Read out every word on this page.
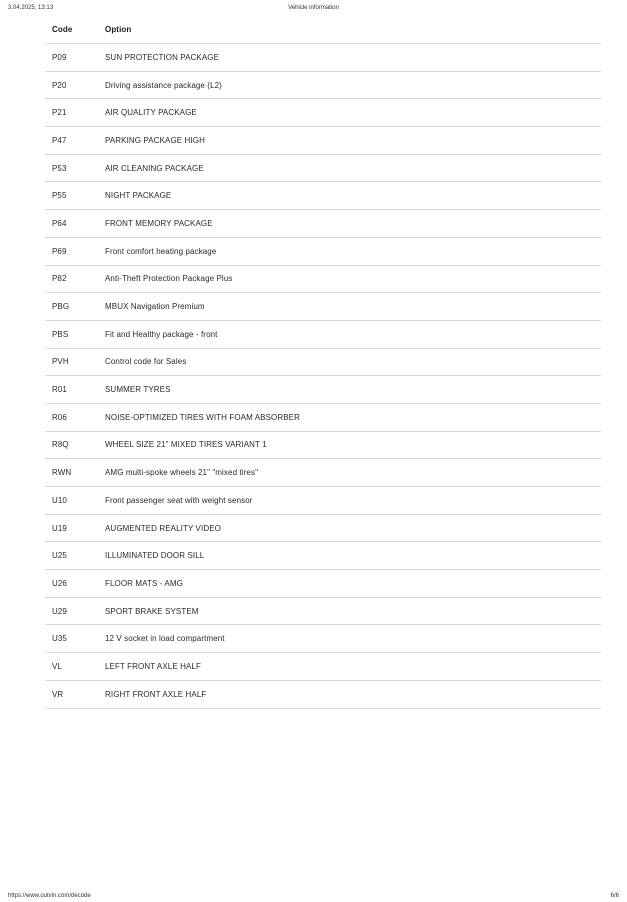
3.04.2025, 13:13	Vehicle information
Code	Option
P09	SUN PROTECTION PACKAGE
P20	Driving assistance package (L2)
P21	AIR QUALITY PACKAGE
P47	PARKING PACKAGE HIGH
P53	AIR CLEANING PACKAGE
P55	NIGHT PACKAGE
P64	FRONT MEMORY PACKAGE
P69	Front comfort heating package
P82	Anti-Theft Protection Package Plus
PBG	MBUX Navigation Premium
PBS	Fit and Healthy package - front
PVH	Control code for Sales
R01	SUMMER TYRES
R06	NOISE-OPTIMIZED TIRES WITH FOAM ABSORBER
R8Q	WHEEL SIZE 21" MIXED TIRES VARIANT 1
RWN	AMG multi-spoke wheels 21" "mixed tires"
U10	Front passenger seat with weight sensor
U19	AUGMENTED REALITY VIDEO
U25	ILLUMINATED DOOR SILL
U26	FLOOR MATS - AMG
U29	SPORT BRAKE SYSTEM
U35	12 V socket in load compartment
VL	LEFT FRONT AXLE HALF
VR	RIGHT FRONT AXLE HALF
https://www.outvin.com/decode	6/6
